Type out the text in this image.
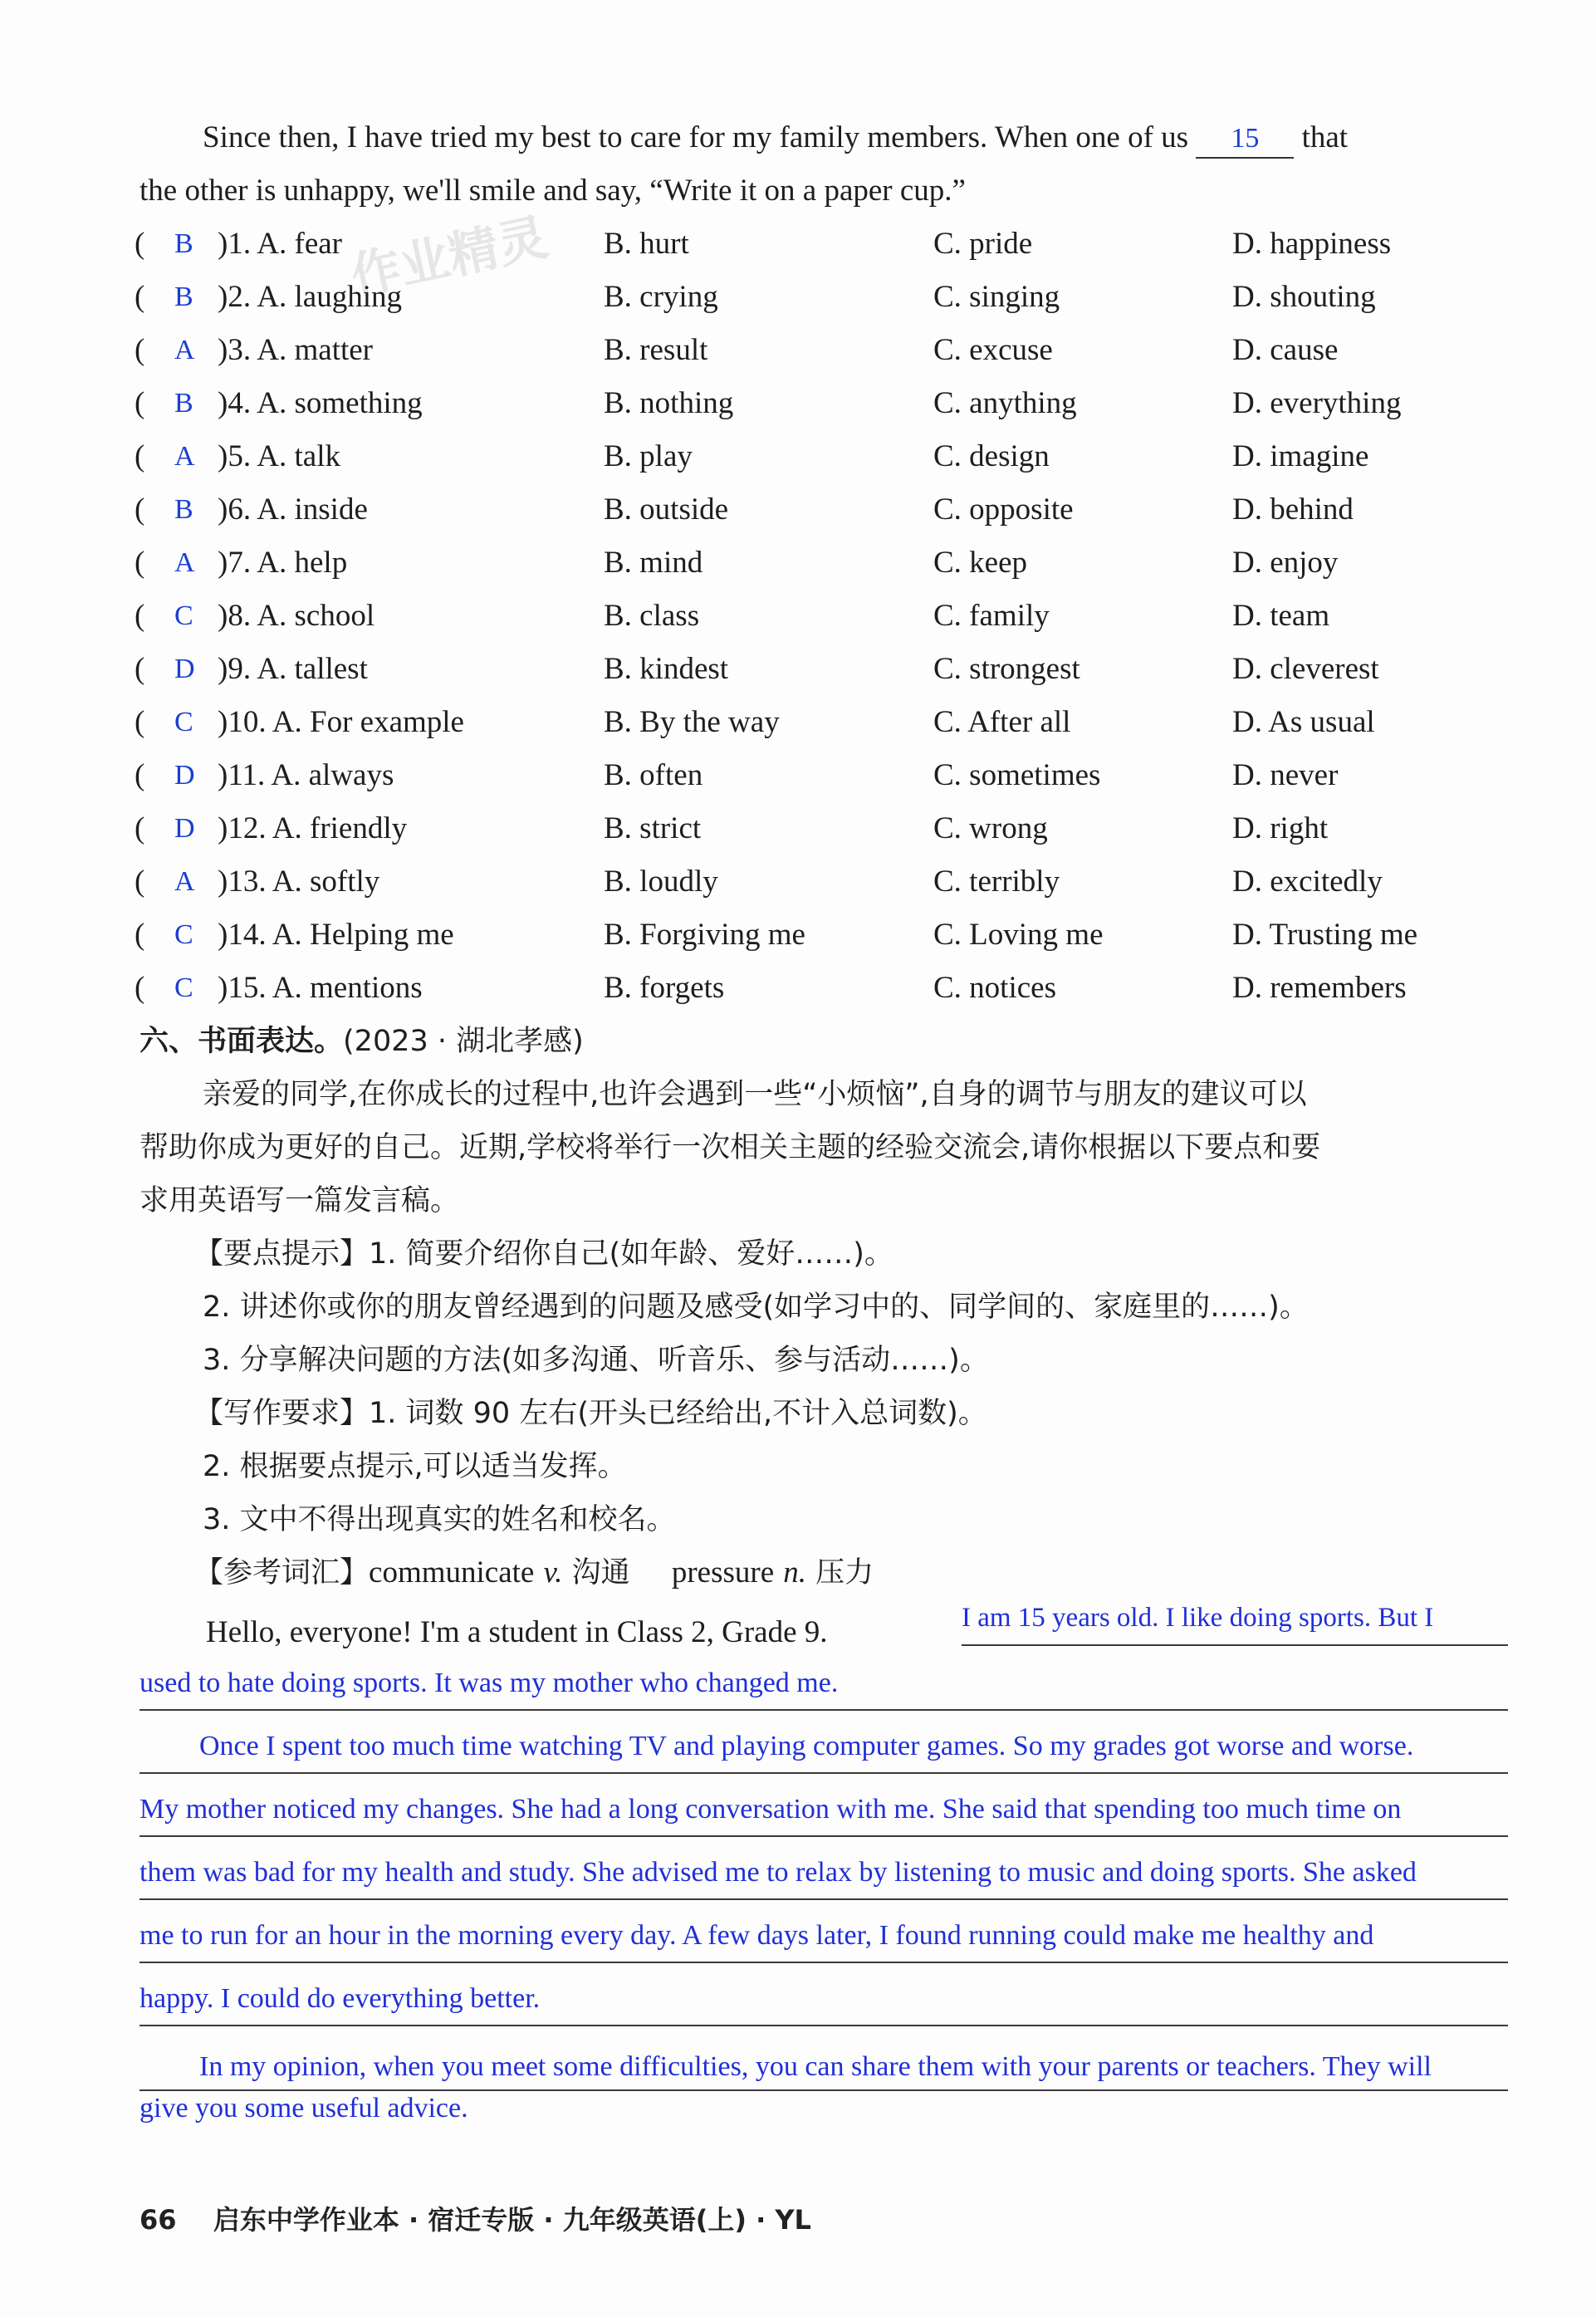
作业精灵
Since then, I have tried my best to care for my family members. When one of us 15 that
the other is unhappy, we'll smile and say, “Write it on a paper cup.”
( B )1. A. fear	B. hurt	C. pride	D. happiness
( B )2. A. laughing	B. crying	C. singing	D. shouting
( A )3. A. matter	B. result	C. excuse	D. cause
( B )4. A. something	B. nothing	C. anything	D. everything
( A )5. A. talk	B. play	C. design	D. imagine
( B )6. A. inside	B. outside	C. opposite	D. behind
( A )7. A. help	B. mind	C. keep	D. enjoy
( C )8. A. school	B. class	C. family	D. team
( D )9. A. tallest	B. kindest	C. strongest	D. cleverest
( C )10. A. For example	B. By the way	C. After all	D. As usual
( D )11. A. always	B. often	C. sometimes	D. never
( D )12. A. friendly	B. strict	C. wrong	D. right
( A )13. A. softly	B. loudly	C. terribly	D. excitedly
( C )14. A. Helping me	B. Forgiving me	C. Loving me	D. Trusting me
( C )15. A. mentions	B. forgets	C. notices	D. remembers
六、书面表达。(2023 · 湖北孝感)
亲爱的同学,在你成长的过程中,也许会遇到一些“小烦恼”,自身的调节与朋友的建议可以
帮助你成为更好的自己。近期,学校将举行一次相关主题的经验交流会,请你根据以下要点和要
求用英语写一篇发言稿。
【要点提示】1. 简要介绍你自己(如年龄、爱好……)。
2. 讲述你或你的朋友曾经遇到的问题及感受(如学习中的、同学间的、家庭里的……)。
3. 分享解决问题的方法(如多沟通、听音乐、参与活动……)。
【写作要求】1. 词数 90 左右(开头已经给出,不计入总词数)。
2. 根据要点提示,可以适当发挥。
3. 文中不得出现真实的姓名和校名。
【参考词汇】communicate v. 沟通 pressure n. 压力
Hello, everyone! I'm a student in Class 2, Grade 9.	I am 15 years old. I like doing sports. But I
used to hate doing sports. It was my mother who changed me.
Once I spent too much time watching TV and playing computer games. So my grades got worse and worse.
My mother noticed my changes. She had a long conversation with me. She said that spending too much time on
them was bad for my health and study. She advised me to relax by listening to music and doing sports. She asked
me to run for an hour in the morning every day. A few days later, I found running could make me healthy and
happy. I could do everything better.
In my opinion, when you meet some difficulties, you can share them with your parents or teachers. They will
give you some useful advice.
66 启东中学作业本 · 宿迁专版 · 九年级英语(上) · YL
